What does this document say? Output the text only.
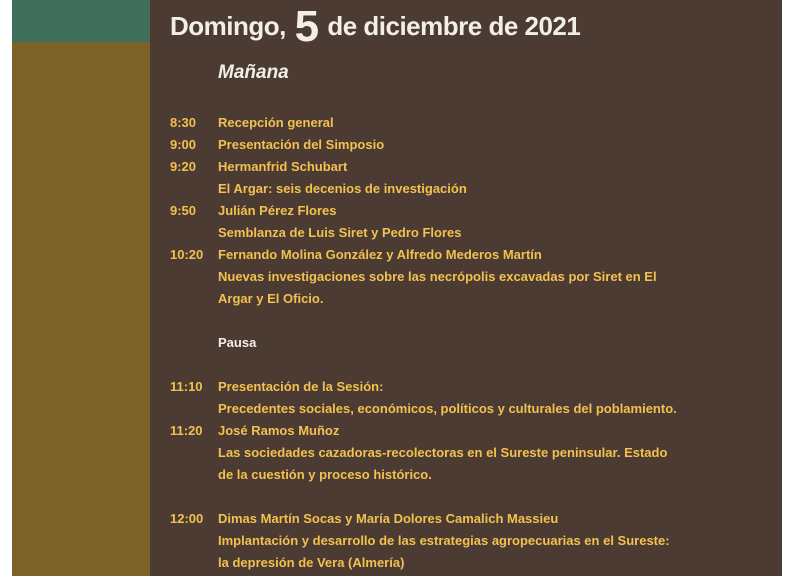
Domingo, 5 de diciembre de 2021
Mañana
8:30	Recepción general
9:00	Presentación del Simposio
9:20	Hermanfrid Schubart
El Argar: seis decenios de investigación
9:50	Julián Pérez Flores
Semblanza de Luis Siret y Pedro Flores
10:20	Fernando Molina González y Alfredo Mederos Martín
Nuevas investigaciones sobre las necrópolis excavadas por Siret en El
Argar y El Oficio.
Pausa
11:10	Presentación de la Sesión:
Precedentes sociales, económicos, políticos y culturales del poblamiento.
11:20	José Ramos Muñoz
Las sociedades cazadoras-recolectoras en el Sureste peninsular. Estado
de la cuestión y proceso histórico.
12:00	Dimas Martín Socas y María Dolores Camalich Massieu
Implantación y desarrollo de las estrategias agropecuarias en el Sureste:
la depresión de Vera (Almería)
